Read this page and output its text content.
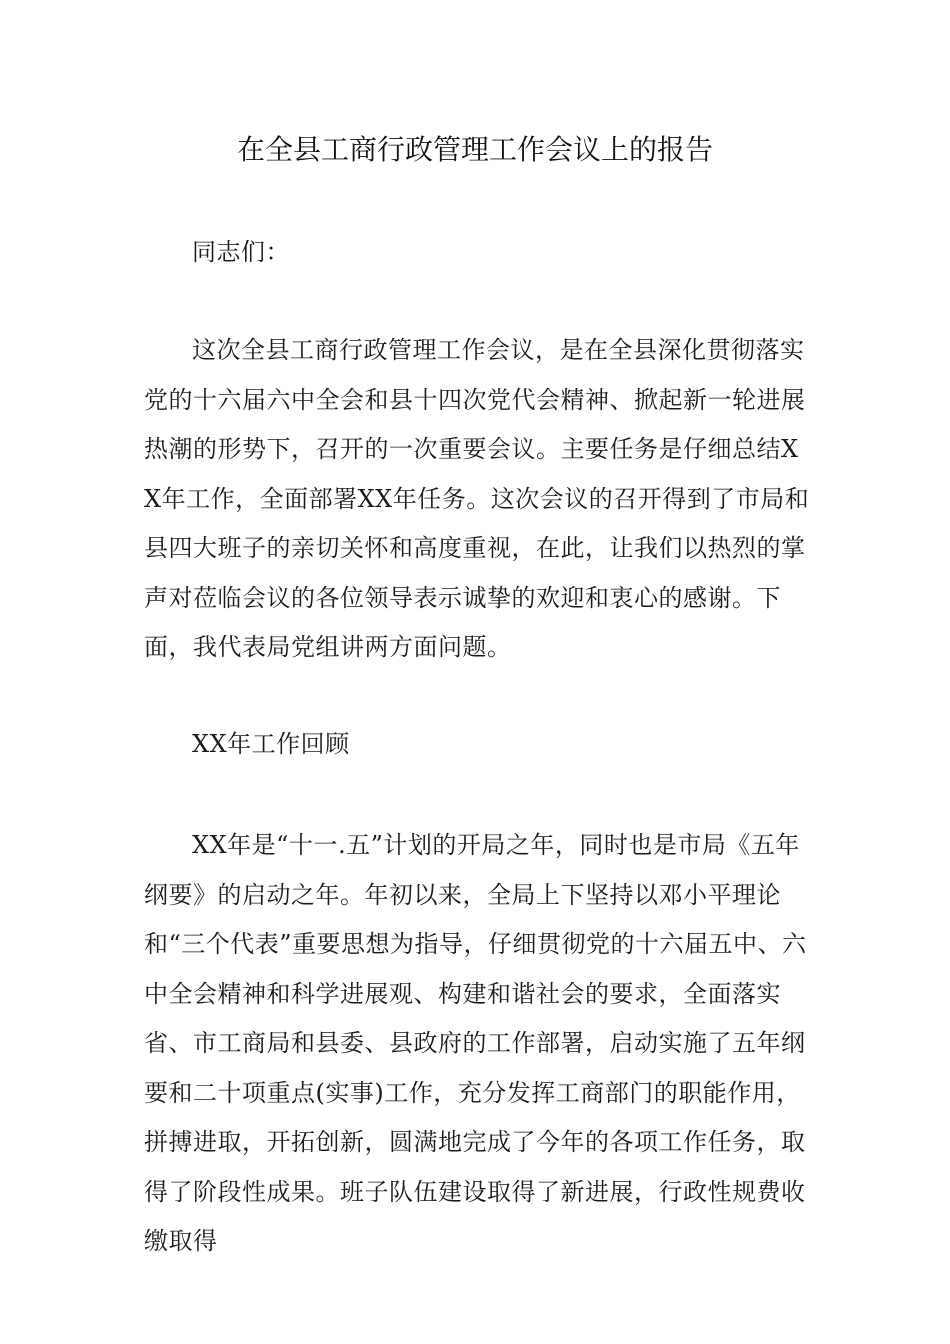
在全县工商行政管理工作会议上的报告

同志们：

这次全县工商行政管理工作会议，是在全县深化贯彻落实党的十六届六中全会和县十四次党代会精神、掀起新一轮进展热潮的形势下，召开的一次重要会议。主要任务是仔细总结XX年工作，全面部署XX年任务。这次会议的召开得到了市局和县四大班子的亲切关怀和高度重视，在此，让我们以热烈的掌声对莅临会议的各位领导表示诚挚的欢迎和衷心的感谢。下面，我代表局党组讲两方面问题。

XX年工作回顾

XX年是“十一.五”计划的开局之年，同时也是市局《五年纲要》的启动之年。年初以来，全局上下坚持以邓小平理论和“三个代表”重要思想为指导，仔细贯彻党的十六届五中、六中全会精神和科学进展观、构建和谐社会的要求，全面落实省、市工商局和县委、县政府的工作部署，启动实施了五年纲要和二十项重点(实事)工作，充分发挥工商部门的职能作用，拼搏进取，开拓创新，圆满地完成了今年的各项工作任务，取得了阶段性成果。班子队伍建设取得了新进展，行政性规费收缴取得
